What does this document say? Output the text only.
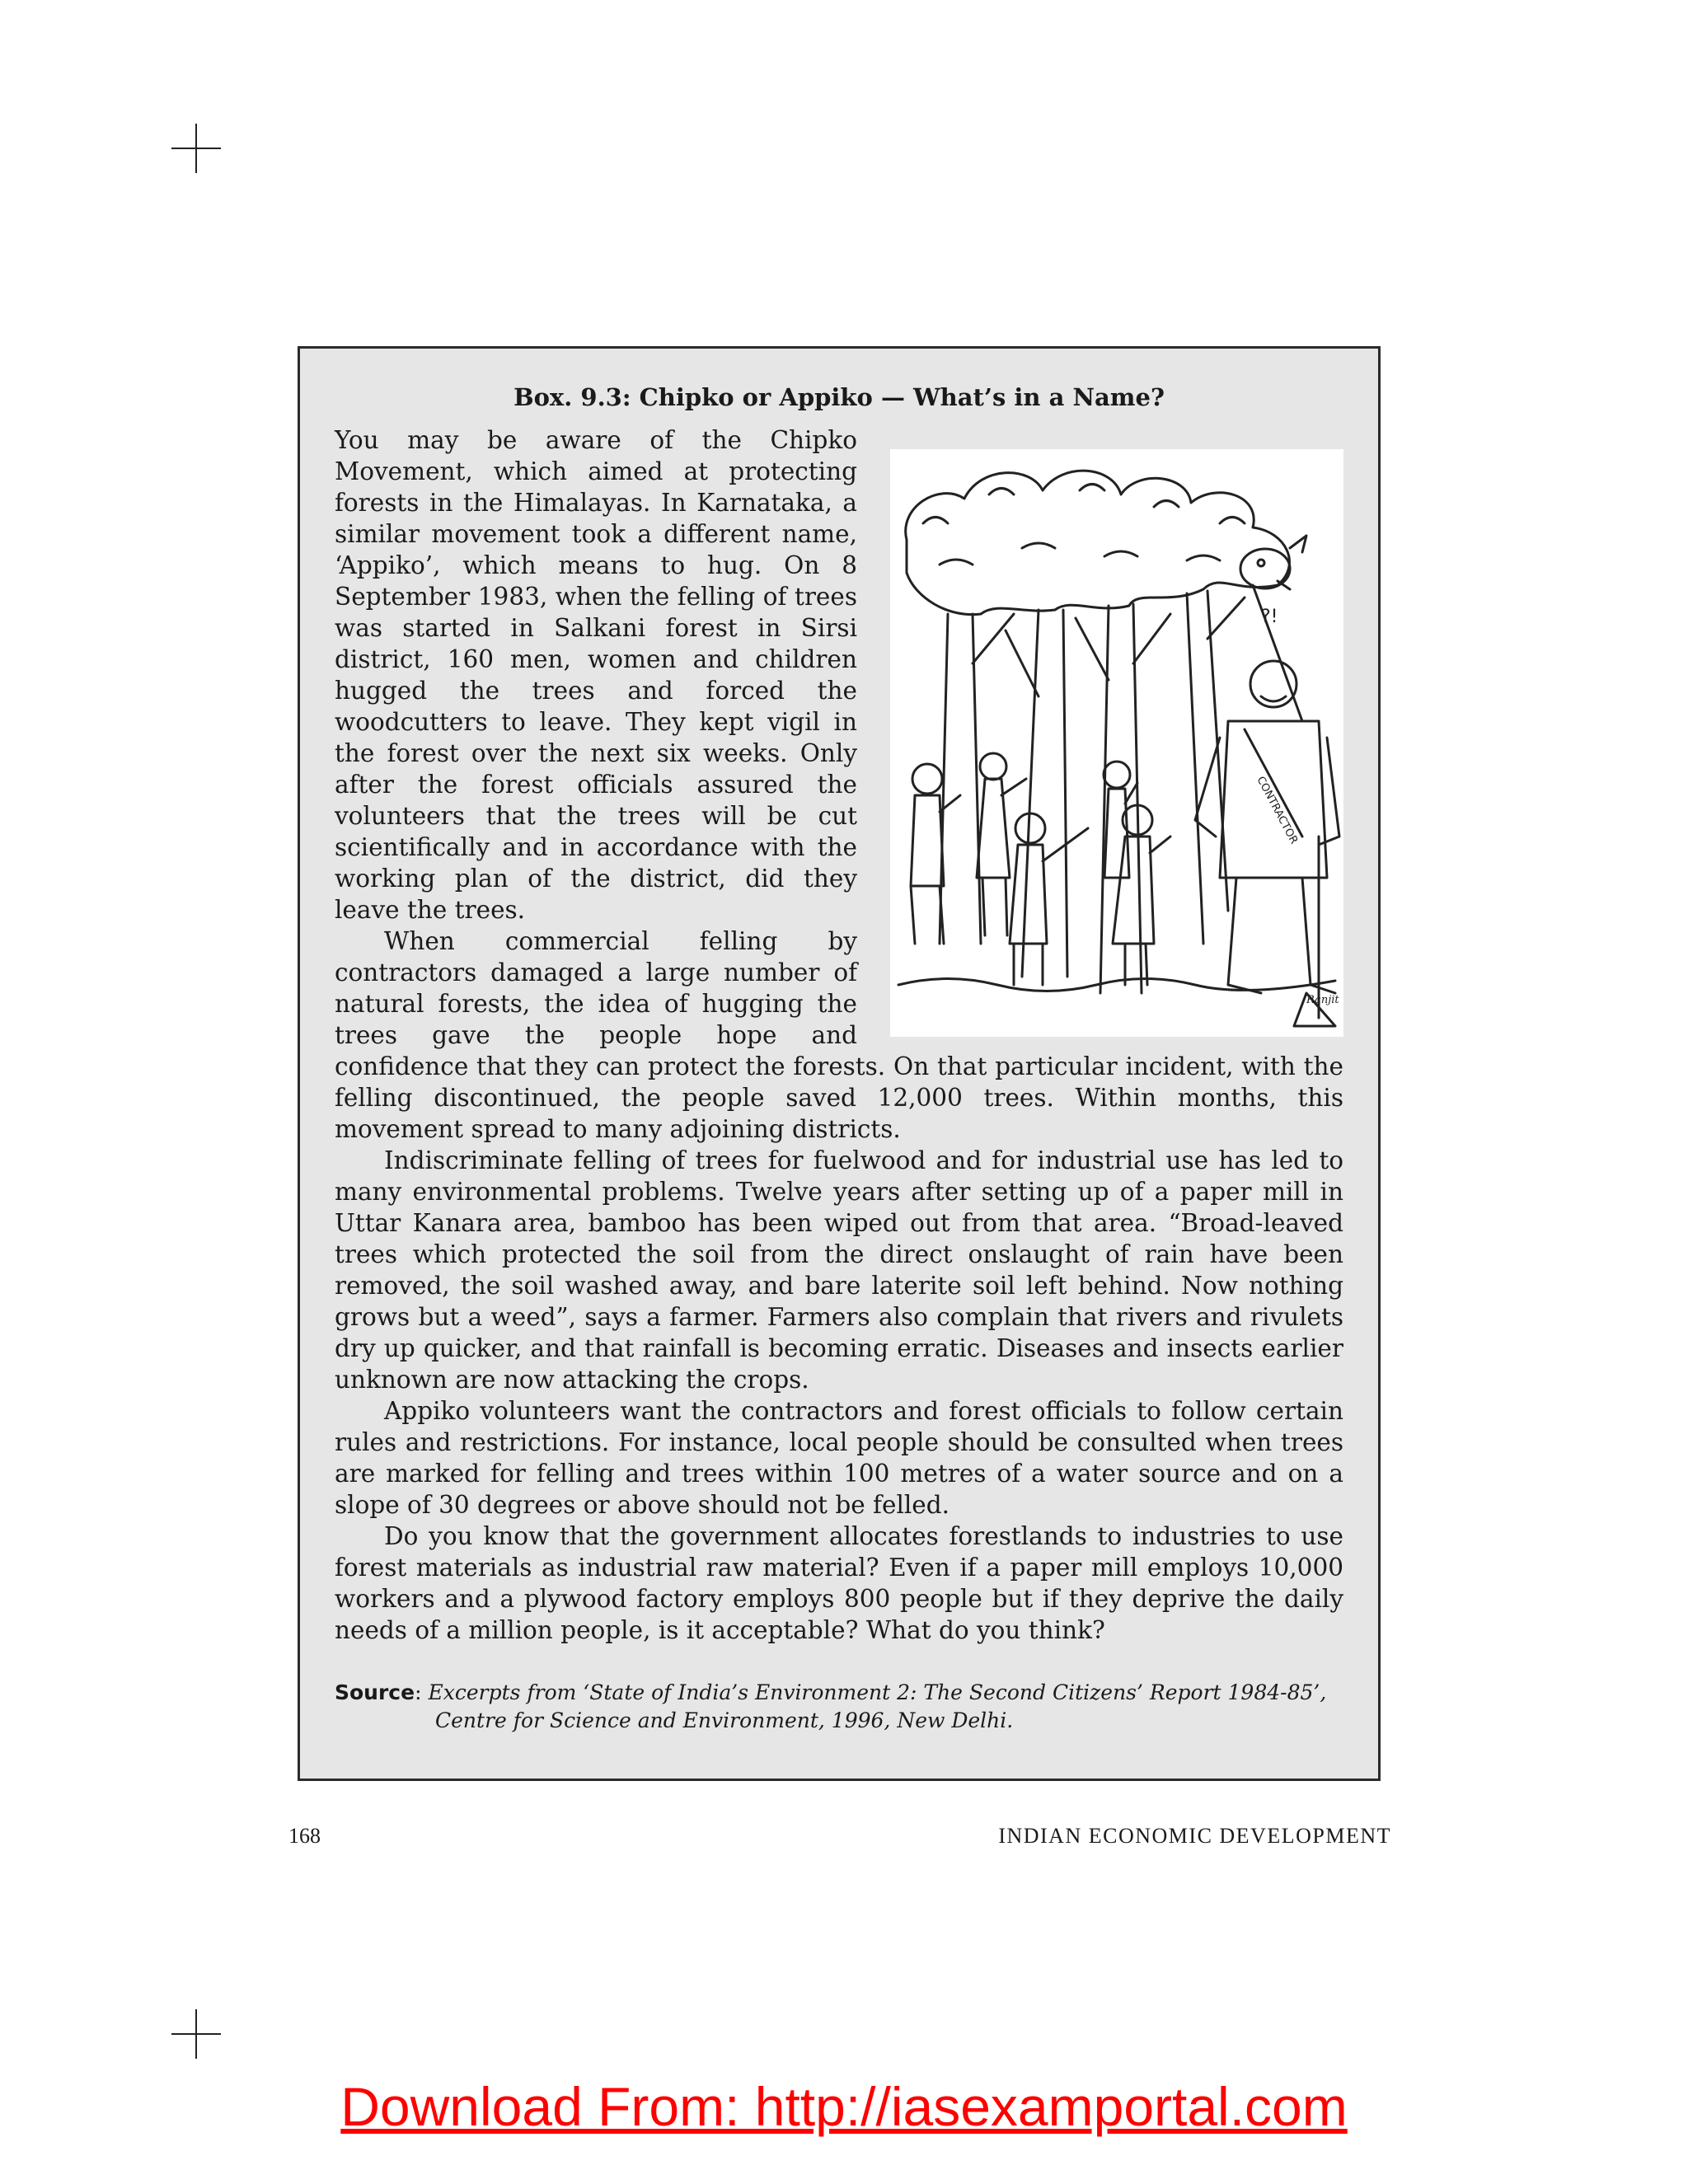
Box. 9.3: Chipko or Appiko — What’s in a Name?

?!
CONTRACTOR
Ranjit
You may be aware of the Chipko Movement, which aimed at protecting forests in the Himalayas. In Karnataka, a similar movement took a different name, ‘Appiko’, which means to hug. On 8 September 1983, when the felling of trees was started in Salkani forest in Sirsi district, 160 men, women and children hugged the trees and forced the woodcutters to leave. They kept vigil in the forest over the next six weeks. Only after the forest officials assured the volunteers that the trees will be cut scientifically and in accordance with the working plan of the district, did they leave the trees.

When commercial felling by contractors damaged a large number of natural forests, the idea of hugging the trees gave the people hope and confidence that they can protect the forests. On that particular incident, with the felling discontinued, the people saved 12,000 trees. Within months, this movement spread to many adjoining districts.

Indiscriminate felling of trees for fuelwood and for industrial use has led to many environmental problems. Twelve years after setting up of a paper mill in Uttar Kanara area, bamboo has been wiped out from that area. “Broad-leaved trees which protected the soil from the direct onslaught of rain have been removed, the soil washed away, and bare laterite soil left behind. Now nothing grows but a weed”, says a farmer. Farmers also complain that rivers and rivulets dry up quicker, and that rainfall is becoming erratic. Diseases and insects earlier unknown are now attacking the crops.

Appiko volunteers want the contractors and forest officials to follow certain rules and restrictions. For instance, local people should be consulted when trees are marked for felling and trees within 100 metres of a water source and on a slope of 30 degrees or above should not be felled.

Do you know that the government allocates forestlands to industries to use forest materials as industrial raw material? Even if a paper mill employs 10,000 workers and a plywood factory employs 800 people but if they deprive the daily needs of a million people, is it acceptable? What do you think?

Source: Excerpts from ‘State of India’s Environment 2: The Second Citizens’ Report 1984-85’,
Centre for Science and Environment, 1996, New Delhi.
168	INDIAN ECONOMIC DEVELOPMENT
Download From: http://iasexamportal.com
